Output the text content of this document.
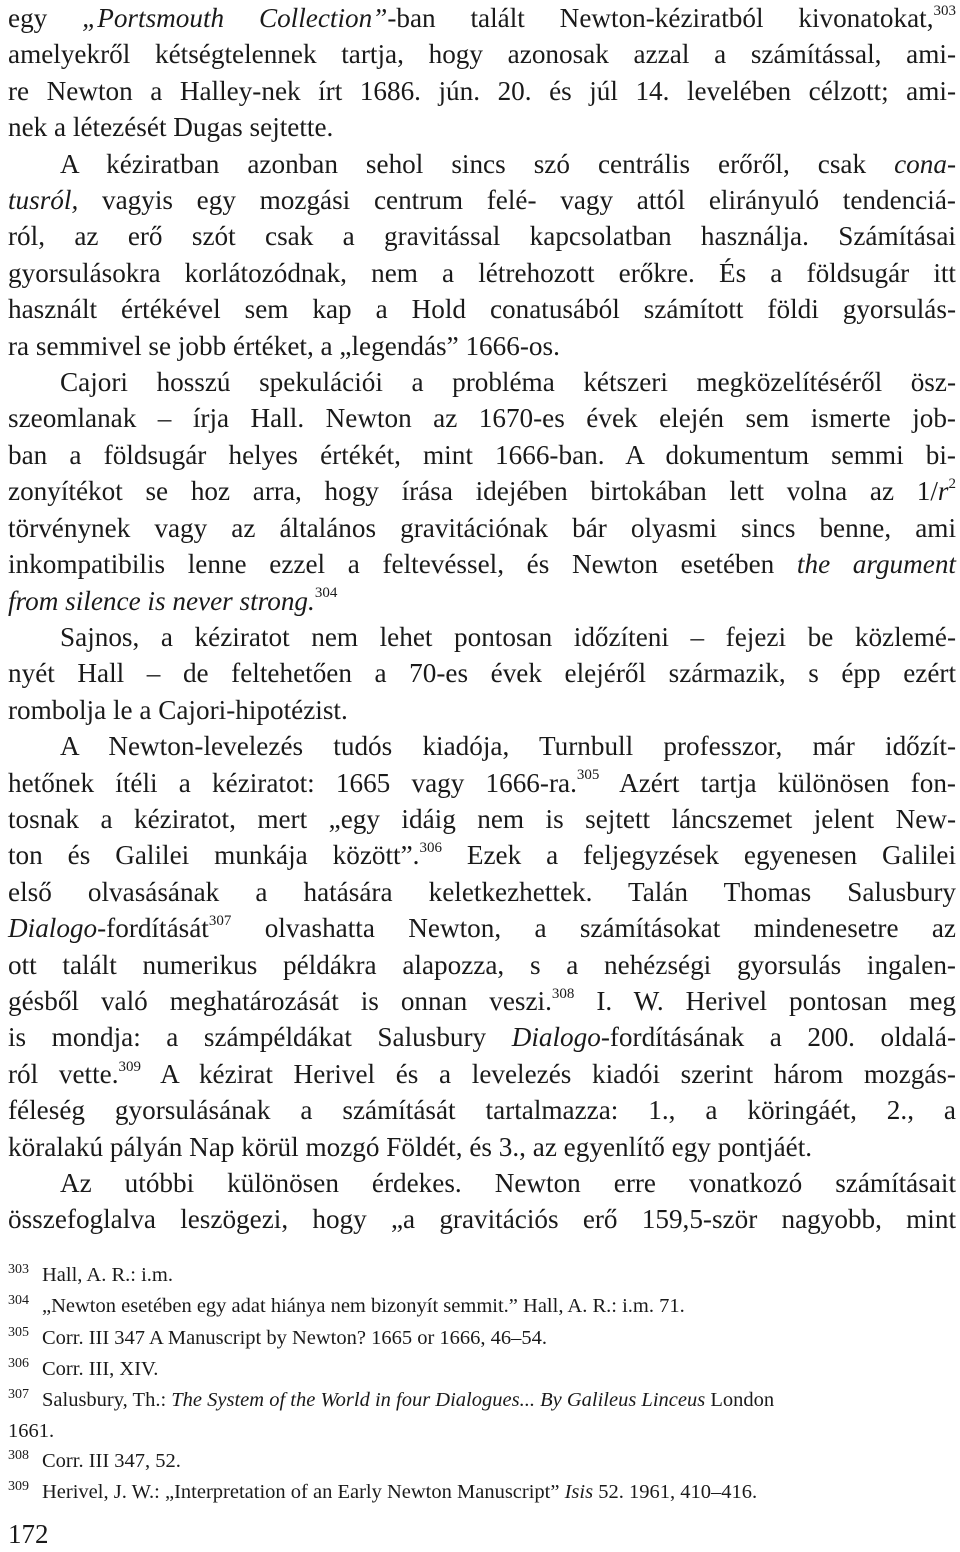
egy „Portsmouth Collection”-ban talált Newton-kéziratból kivonatokat,$^{303}$
amelyekről kétségtelennek tartja, hogy azonosak azzal a számítással, ami-
re Newton a Halley-nek írt 1686. jún. 20. és júl 14. levelében célzott; ami-
nek a létezését Dugas sejtette.
A kéziratban azonban sehol sincs szó centrális erőről, csak cona-
tusról, vagyis egy mozgási centrum felé- vagy attól elirányuló tendenciá-
ról, az erő szót csak a gravitással kapcsolatban használja. Számításai
gyorsulásokra korlátozódnak, nem a létrehozott erőkre. És a földsugár itt
használt értékével sem kap a Hold conatusából számított földi gyorsulás-
ra semmivel se jobb értéket, a „legendás” 1666-os.
Cajori hosszú spekulációi a probléma kétszeri megközelítéséről ösz-
szeomlanak – írja Hall. Newton az 1670-es évek elején sem ismerte job-
ban a földsugár helyes értékét, mint 1666-ban. A dokumentum semmi bi-
zonyítékot se hoz arra, hogy írása idejében birtokában lett volna az $1/r^2$
törvénynek vagy az általános gravitációnak bár olyasmi sincs benne, ami
inkompatibilis lenne ezzel a feltevéssel, és Newton esetében the argument
from silence is never strong.$^{304}$
Sajnos, a kéziratot nem lehet pontosan időzíteni – fejezi be közlemé-
nyét Hall – de feltehetően a 70-es évek elejéről származik, s épp ezért
rombolja le a Cajori-hipotézist.
A Newton-levelezés tudós kiadója, Turnbull professzor, már időzít-
hetőnek ítéli a kéziratot: 1665 vagy 1666-ra.$^{305}$ Azért tartja különösen fon-
tosnak a kéziratot, mert „egy idáig nem is sejtett láncszemet jelent New-
ton és Galilei munkája között”.$^{306}$ Ezek a feljegyzések egyenesen Galilei
első olvasásának a hatására keletkezhettek. Talán Thomas Salusbury
Dialogo-fordítását$^{307}$ olvashatta Newton, a számításokat mindenesetre az
ott talált numerikus példákra alapozza, s a nehézségi gyorsulás ingalen-
gésből való meghatározását is onnan veszi.$^{308}$ I. W. Herivel pontosan meg
is mondja: a számpéldákat Salusbury Dialogo-fordításának a 200. oldalá-
ról vette.$^{309}$ A kézirat Herivel és a levelezés kiadói szerint három mozgás-
féleség gyorsulásának a számítását tartalmazza: 1., a köringáét, 2., a
köralakú pályán Nap körül mozgó Földét, és 3., az egyenlítő egy pontjáét.
Az utóbbi különösen érdekes. Newton erre vonatkozó számításait
összefoglalva leszögezi, hogy „a gravitációs erő 159,5-ször nagyobb, mint
303 Hall, A. R.: i.m.
304 „Newton esetében egy adat hiánya nem bizonyít semmit.” Hall, A. R.: i.m. 71.
305 Corr. III 347 A Manuscript by Newton? 1665 or 1666, 46–54.
306 Corr. III, XIV.
307 Salusbury, Th.: The System of the World in four Dialogues... By Galileus Linceus London
1661.
308 Corr. III 347, 52.
309 Herivel, J. W.: „Interpretation of an Early Newton Manuscript” Isis 52. 1961, 410–416.
172
